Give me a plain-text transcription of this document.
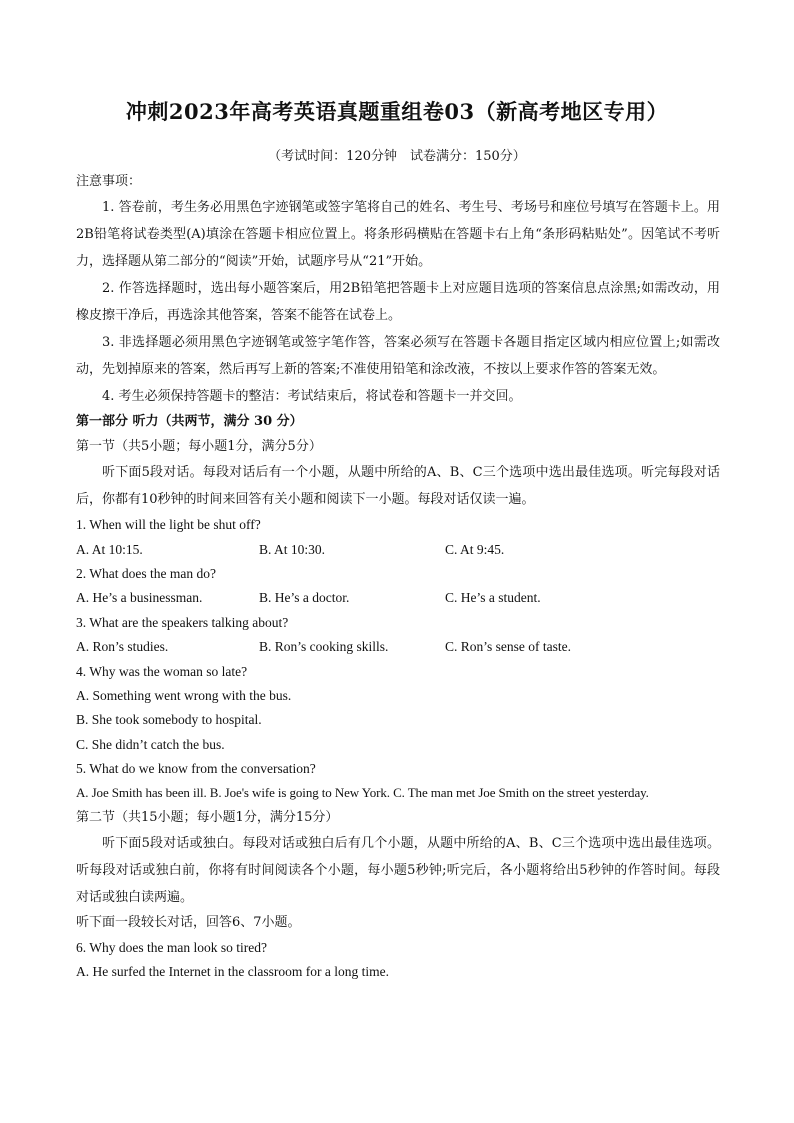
冲刺2023年高考英语真题重组卷03（新高考地区专用）
（考试时间：120分钟　试卷满分：150分）
注意事项：
1. 答卷前，考生务必用黑色字迹钢笔或签字笔将自己的姓名、考生号、考场号和座位号填写在答题卡上。用2B铅笔将试卷类型(A)填涂在答题卡相应位置上。将条形码横贴在答题卡右上角“条形码粘贴处”。因笔试不考听力，选择题从第二部分的“阅读”开始，试题序号从“21”开始。
2. 作答选择题时，选出每小题答案后，用2B铅笔把答题卡上对应题目选项的答案信息点涂黑;如需改动，用橡皮擦干净后，再选涂其他答案，答案不能答在试卷上。
3. 非选择题必须用黑色字迹钢笔或签字笔作答，答案必须写在答题卡各题目指定区域内相应位置上;如需改动，先划掉原来的答案，然后再写上新的答案;不准使用铅笔和涂改液，不按以上要求作答的答案无效。
4. 考生必须保持答题卡的整洁：考试结束后，将试卷和答题卡一并交回。
第一部分 听力（共两节，满分 30 分）
第一节（共5小题；每小题1分，满分5分）
听下面5段对话。每段对话后有一个小题，从题中所给的A、B、C三个选项中选出最佳选项。听完每段对话后，你都有10秒钟的时间来回答有关小题和阅读下一小题。每段对话仅读一遍。
1. When will the light be shut off?
A. At 10:15.	B. At 10:30.	C. At 9:45.
2. What does the man do?
A. He’s a businessman.	B. He’s a doctor.	C. He’s a student.
3. What are the speakers talking about?
A. Ron’s studies.	B. Ron’s cooking skills.	C. Ron’s sense of taste.
4. Why was the woman so late?
A. Something went wrong with the bus.
B. She took somebody to hospital.
C. She didn’t catch the bus.
5. What do we know from the conversation?
A. Joe Smith has been ill. B. Joe's wife is going to New York. C. The man met Joe Smith on the street yesterday.
第二节（共15小题；每小题1分，满分15分）
听下面5段对话或独白。每段对话或独白后有几个小题，从题中所给的A、B、C三个选项中选出最佳选项。听每段对话或独白前，你将有时间阅读各个小题，每小题5秒钟;听完后，各小题将给出5秒钟的作答时间。每段对话或独白读两遍。
听下面一段较长对话，回答6、7小题。
6. Why does the man look so tired?
A. He surfed the Internet in the classroom for a long time.
